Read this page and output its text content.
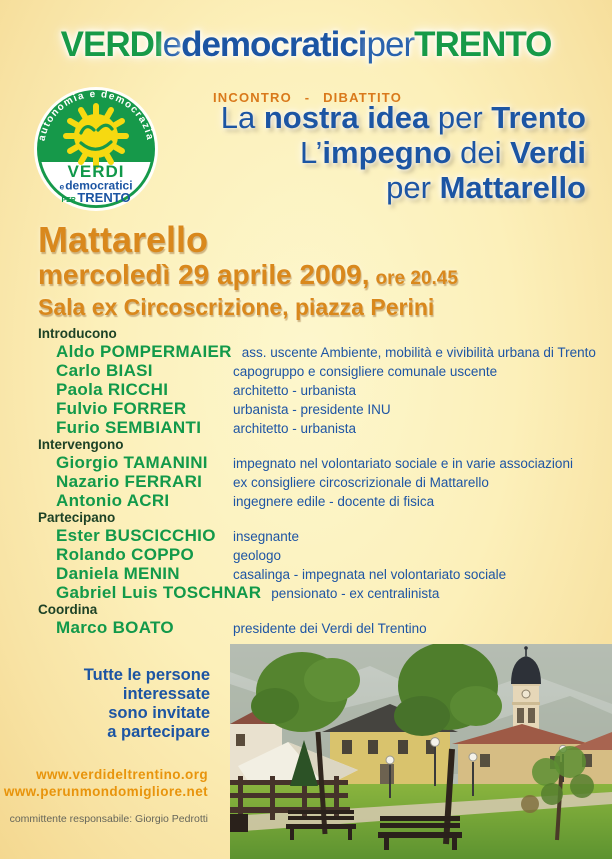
VERDIedemocraticiperTRENTO
autonomia e democrazia
VERDI
edemocratici
PER TRENTO
INCONTRO - DIBATTITO
La nostra idea per Trento
L’impegno dei Verdi
per Mattarello
Mattarello
mercoledì 29 aprile 2009, ore 20.45
Sala ex Circoscrizione, piazza Perini
Introducono
Aldo POMPERMAIER ass. uscente Ambiente, mobilità e vivibilità urbana di Trento
Carlo BIASI	capogruppo e consigliere comunale uscente
Paola RICCHI	architetto - urbanista
Fulvio FORRER	urbanista - presidente INU
Furio SEMBIANTI	architetto - urbanista
Intervengono
Giorgio TAMANINI	impegnato nel volontariato sociale e in varie associazioni
Nazario FERRARI	ex consigliere circoscrizionale di Mattarello
Antonio ACRI	ingegnere edile - docente di fisica
Partecipano
Ester BUSCICCHIO	insegnante
Rolando COPPO	geologo
Daniela MENIN	casalinga - impegnata nel volontariato sociale
Gabriel Luis TOSCHNAR pensionato - ex centralinista
Coordina
Marco BOATO	presidente dei Verdi del Trentino
Tutte le persone
interessate
sono invitate
a partecipare
www.verdideltrentino.org
www.perunmondomigliore.net
committente responsabile: Giorgio Pedrotti
